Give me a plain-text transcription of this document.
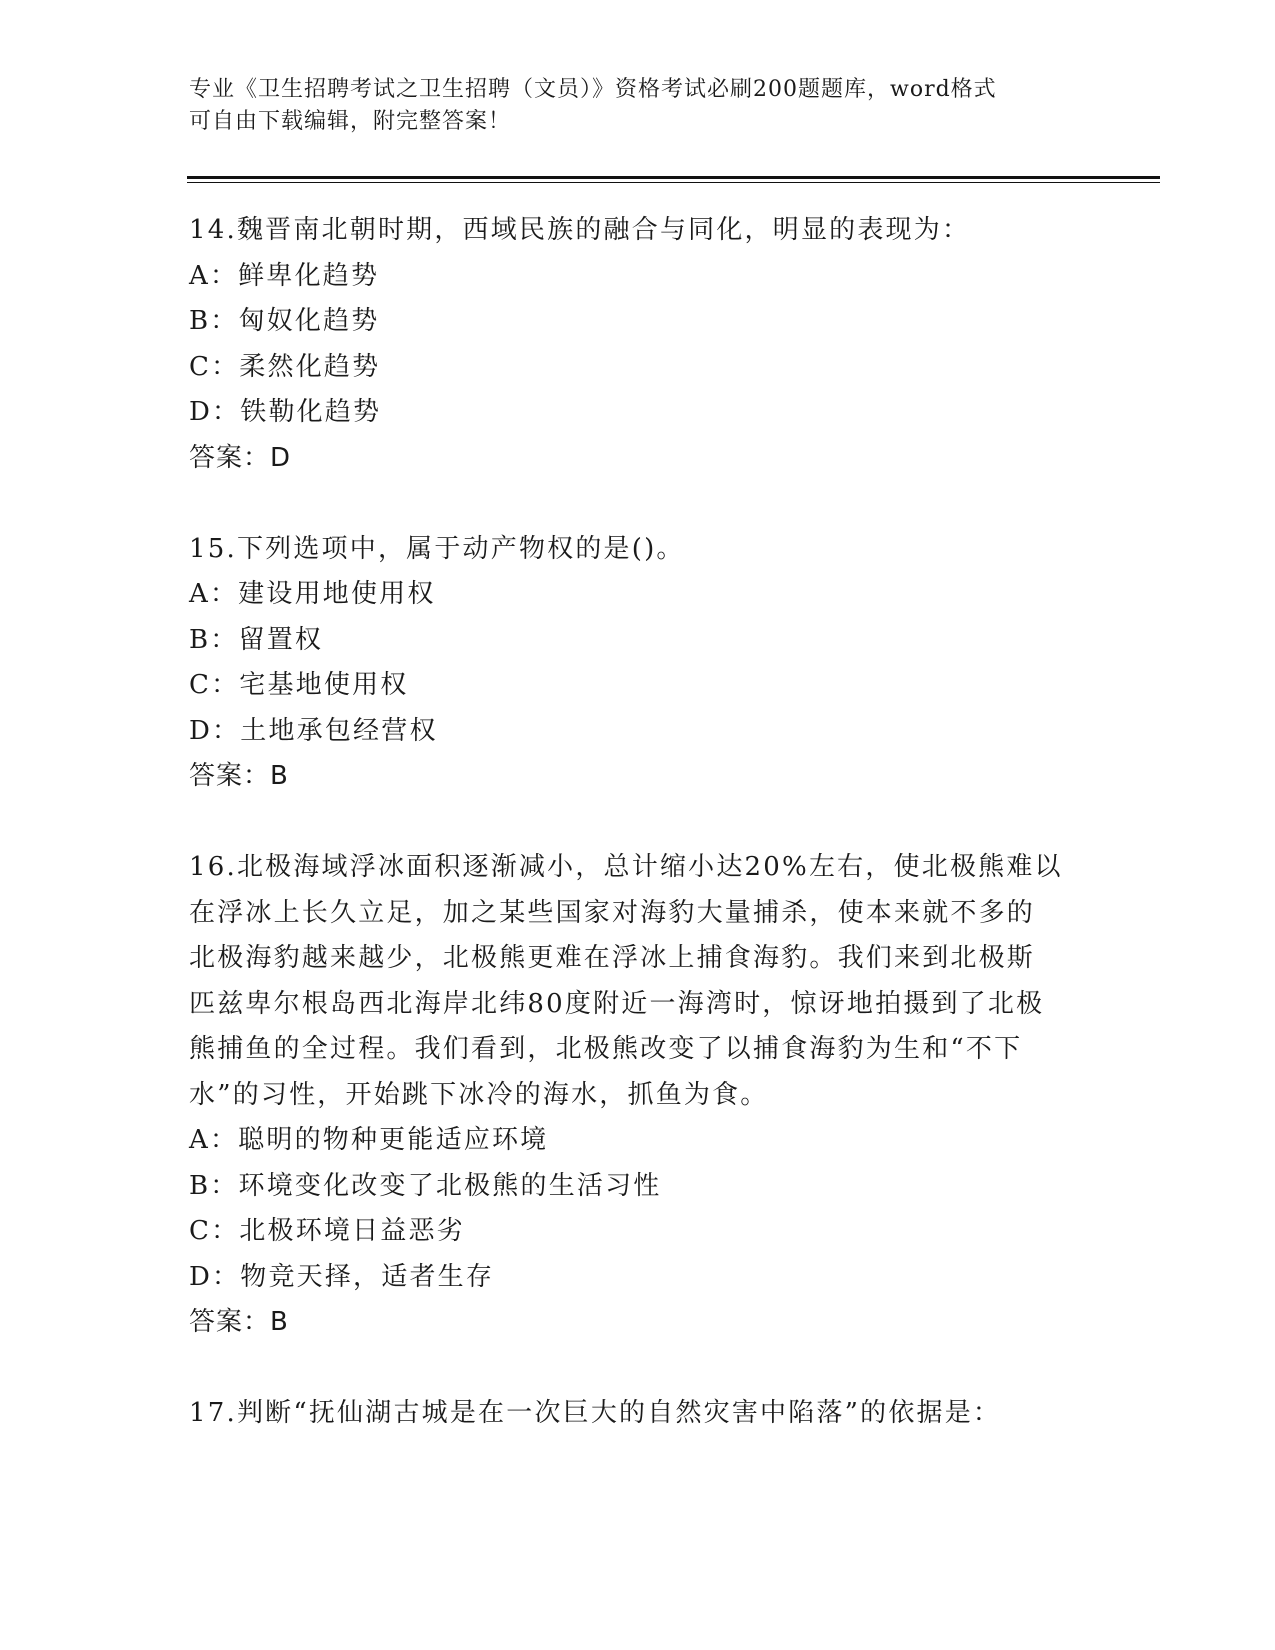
专业《卫生招聘考试之卫生招聘（文员）》资格考试必刷200题题库，word格式
可自由下载编辑，附完整答案！
14.魏晋南北朝时期，西域民族的融合与同化，明显的表现为：
A：鲜卑化趋势
B：匈奴化趋势
C：柔然化趋势
D：铁勒化趋势
答案：D
15.下列选项中，属于动产物权的是()。
A：建设用地使用权
B：留置权
C：宅基地使用权
D：土地承包经营权
答案：B
16.北极海域浮冰面积逐渐减小，总计缩小达20%左右，使北极熊难以
在浮冰上长久立足，加之某些国家对海豹大量捕杀，使本来就不多的
北极海豹越来越少，北极熊更难在浮冰上捕食海豹。我们来到北极斯
匹兹卑尔根岛西北海岸北纬80度附近一海湾时，惊讶地拍摄到了北极
熊捕鱼的全过程。我们看到，北极熊改变了以捕食海豹为生和“不下
水”的习性，开始跳下冰冷的海水，抓鱼为食。
A：聪明的物种更能适应环境
B：环境变化改变了北极熊的生活习性
C：北极环境日益恶劣
D：物竞天择，适者生存
答案：B
17.判断“抚仙湖古城是在一次巨大的自然灾害中陷落”的依据是：
